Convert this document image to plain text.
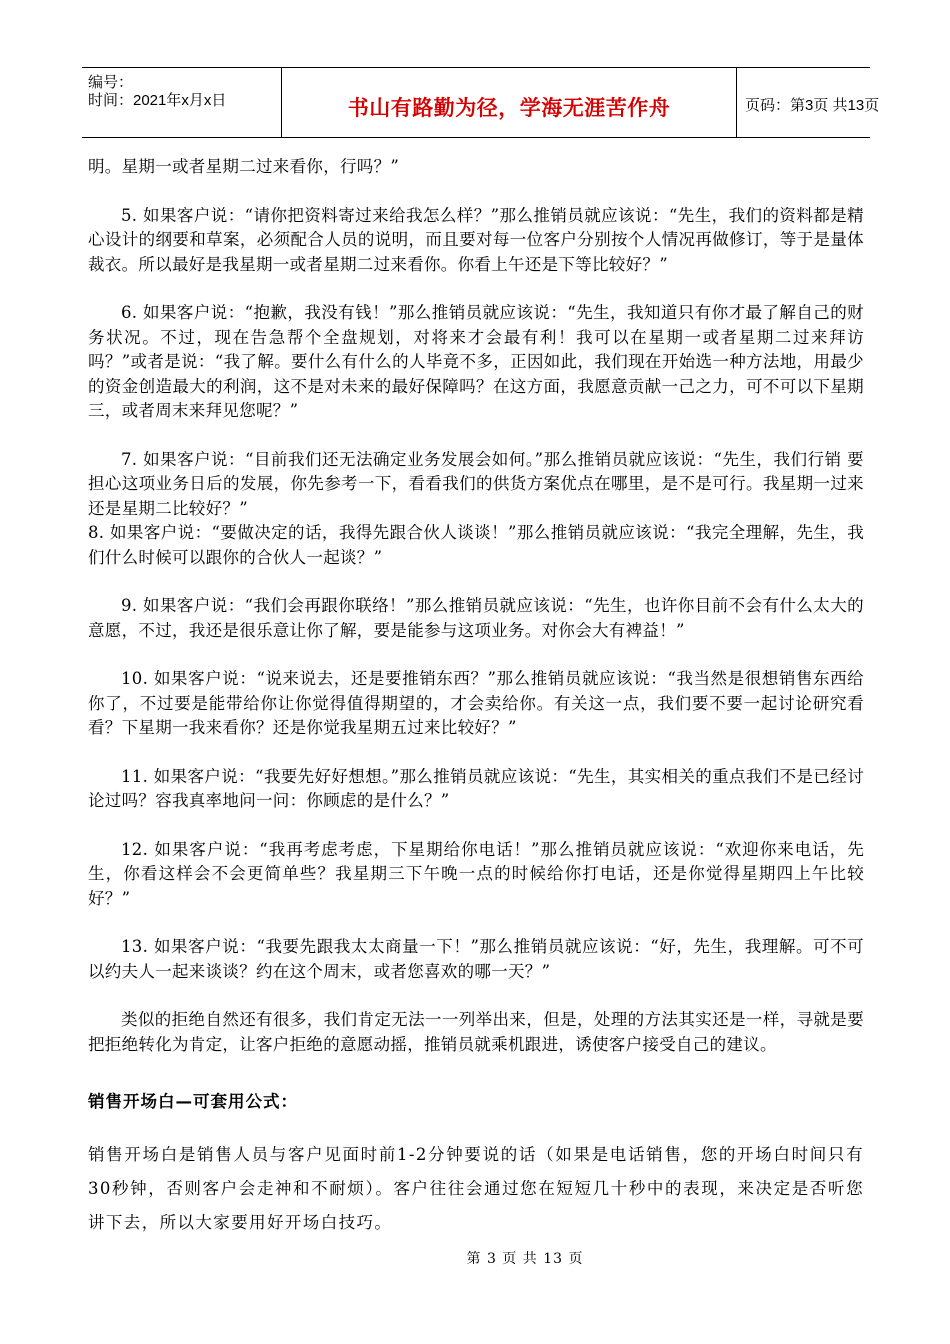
编号：
时间：2021年x月x日	书山有路勤为径，学海无涯苦作舟	页码：第3页 共13页

明。星期一或者星期二过来看你，行吗？”

5. 如果客户说：“请你把资料寄过来给我怎么样？”那么推销员就应该说：“先生，我们的资料都是精心设计的纲要和草案，必须配合人员的说明，而且要对每一位客户分别按个人情况再做修订，等于是量体裁衣。所以最好是我星期一或者星期二过来看你。你看上午还是下等比较好？”

6. 如果客户说：“抱歉，我没有钱！”那么推销员就应该说：“先生，我知道只有你才最了解自己的财务状况。不过，现在告急帮个全盘规划，对将来才会最有利！我可以在星期一或者星期二过来拜访吗？”或者是说：“我了解。要什么有什么的人毕竟不多，正因如此，我们现在开始选一种方法地，用最少的资金创造最大的利润，这不是对未来的最好保障吗？在这方面，我愿意贡献一己之力，可不可以下星期三，或者周末来拜见您呢？”

7. 如果客户说：“目前我们还无法确定业务发展会如何。”那么推销员就应该说：“先生，我们行销 要担心这项业务日后的发展，你先参考一下，看看我们的供货方案优点在哪里，是不是可行。我星期一过来还是星期二比较好？”

8. 如果客户说：“要做决定的话，我得先跟合伙人谈谈！”那么推销员就应该说：“我完全理解，先生，我们什么时候可以跟你的合伙人一起谈？”

9. 如果客户说：“我们会再跟你联络！”那么推销员就应该说：“先生，也许你目前不会有什么太大的意愿，不过，我还是很乐意让你了解，要是能参与这项业务。对你会大有裨益！”

10. 如果客户说：“说来说去，还是要推销东西？”那么推销员就应该说：“我当然是很想销售东西给你了，不过要是能带给你让你觉得值得期望的，才会卖给你。有关这一点，我们要不要一起讨论研究看看？下星期一我来看你？还是你觉我星期五过来比较好？”

11. 如果客户说：“我要先好好想想。”那么推销员就应该说：“先生，其实相关的重点我们不是已经讨论过吗？容我真率地问一问：你顾虑的是什么？”

12. 如果客户说：“我再考虑考虑，下星期给你电话！”那么推销员就应该说：“欢迎你来电话，先生，你看这样会不会更简单些？我星期三下午晚一点的时候给你打电话，还是你觉得星期四上午比较好？”

13. 如果客户说：“我要先跟我太太商量一下！”那么推销员就应该说：“好，先生，我理解。可不可以约夫人一起来谈谈？约在这个周末，或者您喜欢的哪一天？”

类似的拒绝自然还有很多，我们肯定无法一一列举出来，但是，处理的方法其实还是一样，寻就是要把拒绝转化为肯定，让客户拒绝的意愿动摇，推销员就乘机跟进，诱使客户接受自己的建议。

销售开场白—可套用公式：

销售开场白是销售人员与客户见面时前1-2分钟要说的话（如果是电话销售，您的开场白时间只有30秒钟，否则客户会走神和不耐烦）。客户往往会通过您在短短几十秒中的表现，来决定是否听您讲下去，所以大家要用好开场白技巧。

第 3 页 共 13 页
